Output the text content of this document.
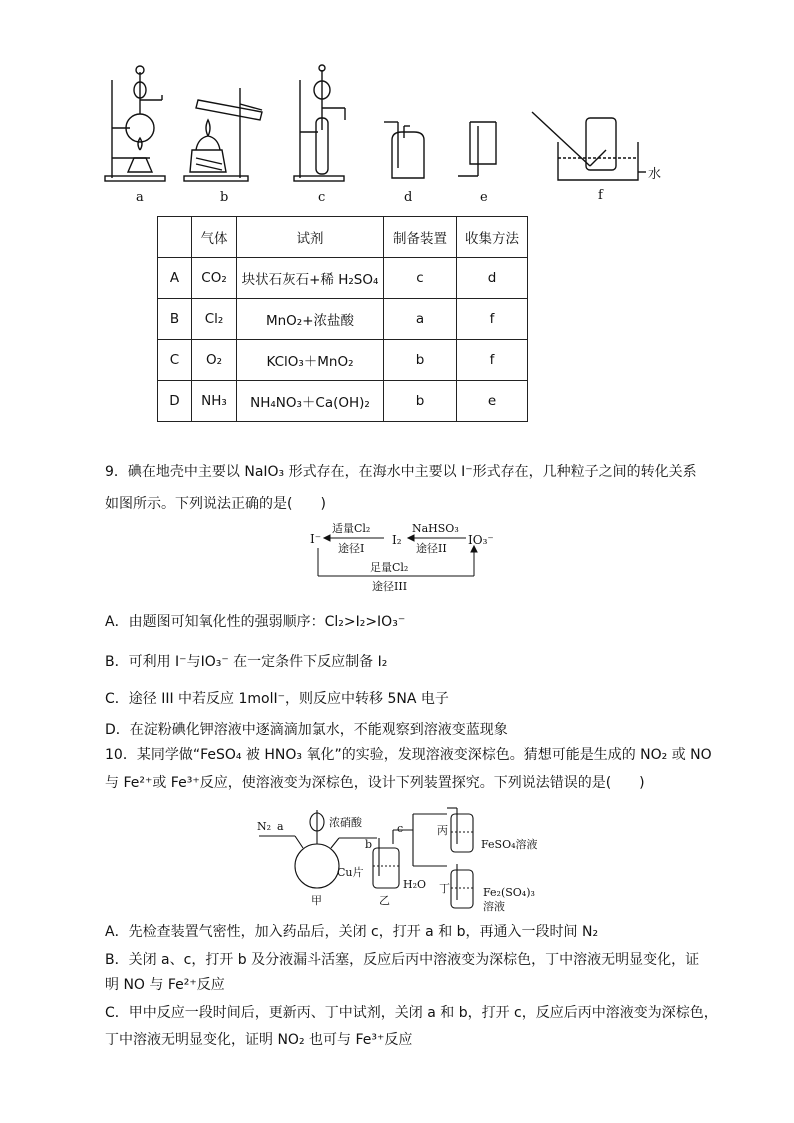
a	b	c	d	e	f
水
	气体	试剂	制备装置	收集方法
A	CO₂	块状石灰石+稀 H₂SO₄	c	d
B	Cl₂	MnO₂+浓盐酸	a	f
C	O₂	KClO₃＋MnO₂	b	f
D	NH₃	NH₄NO₃＋Ca(OH)₂	b	e
9．碘在地壳中主要以 NaIO₃ 形式存在，在海水中主要以 I⁻形式存在，几种粒子之间的转化关系
如图所示。下列说法正确的是(　　)
I⁻	I₂	IO₃⁻
适量Cl₂
途径I
NaHSO₃
途径II
足量Cl₂
途径III
A．由题图可知氧化性的强弱顺序：Cl₂>I₂>IO₃⁻
B．可利用 I⁻与IO₃⁻ 在一定条件下反应制备 I₂
C．途径 III 中若反应 1molI⁻，则反应中转移 5NA 电子
D．在淀粉碘化钾溶液中逐滴滴加氯水，不能观察到溶液变蓝现象
10．某同学做“FeSO₄ 被 HNO₃ 氧化”的实验，发现溶液变深棕色。猜想可能是生成的 NO₂ 或 NO
与 Fe²⁺或 Fe³⁺反应，使溶液变为深棕色，设计下列装置探究。下列说法错误的是(　　)
N₂ a
b
c
浓硝酸
Cu片
H₂O
甲	乙
丙
丁
FeSO₄溶液
Fe₂(SO₄)₃
溶液
A．先检查装置气密性，加入药品后，关闭 c，打开 a 和 b，再通入一段时间 N₂
B．关闭 a、c，打开 b 及分液漏斗活塞，反应后丙中溶液变为深棕色，丁中溶液无明显变化，证
明 NO 与 Fe²⁺反应
C．甲中反应一段时间后，更新丙、丁中试剂，关闭 a 和 b，打开 c，反应后丙中溶液变为深棕色，
丁中溶液无明显变化，证明 NO₂ 也可与 Fe³⁺反应
